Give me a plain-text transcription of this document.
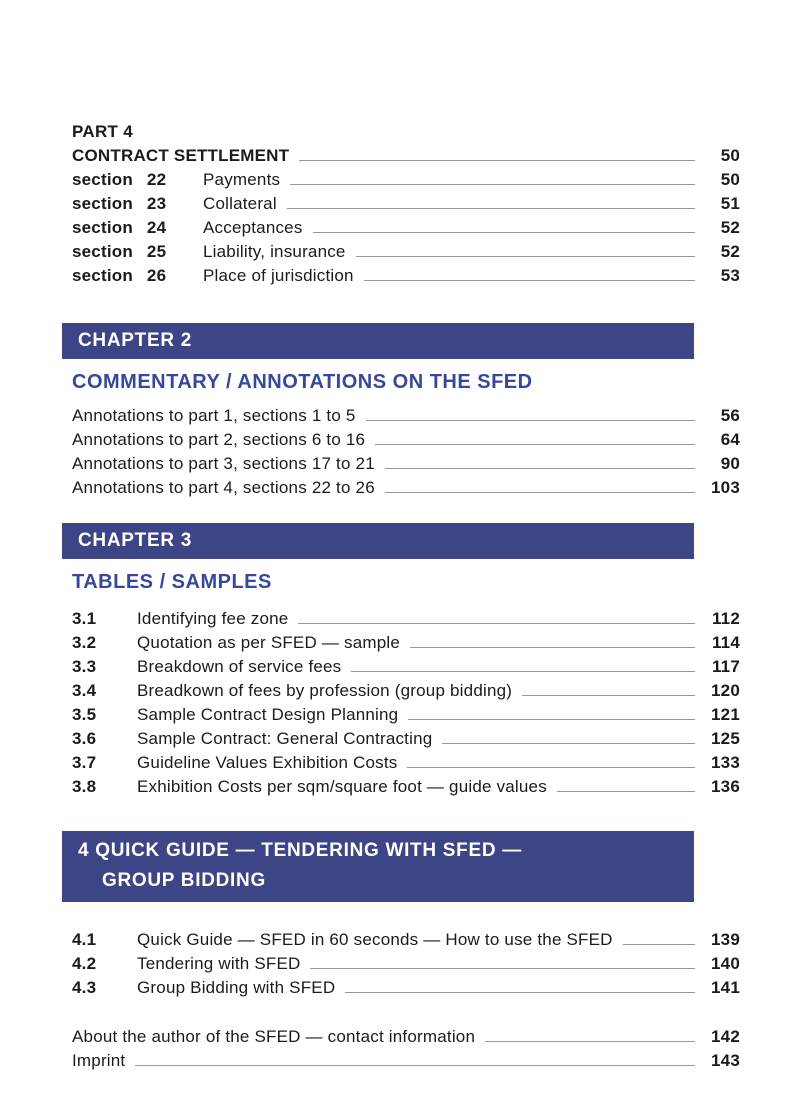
PART 4
CONTRACT SETTLEMENT	50
section 22 Payments	50
section 23 Collateral	51
section 24 Acceptances	52
section 25 Liability, insurance	52
section 26 Place of jurisdiction	53
CHAPTER 2
COMMENTARY / ANNOTATIONS ON THE SFED
Annotations to part 1, sections 1 to 5	56
Annotations to part 2, sections 6 to 16	64
Annotations to part 3, sections 17 to 21	90
Annotations to part 4, sections 22 to 26	103
CHAPTER 3
TABLES / SAMPLES
3.1	Identifying fee zone	112
3.2	Quotation as per SFED — sample	114
3.3	Breakdown of service fees	117
3.4	Breadkown of fees by profession (group bidding)	120
3.5	Sample Contract Design Planning	121
3.6	Sample Contract: General Contracting	125
3.7	Guideline Values Exhibition Costs	133
3.8	Exhibition Costs per sqm/square foot — guide values	136
4 QUICK GUIDE — TENDERING WITH SFED —
GROUP BIDDING
4.1	Quick Guide — SFED in 60 seconds — How to use the SFED	139
4.2	Tendering with SFED	140
4.3	Group Bidding with SFED	141
About the author of the SFED — contact information	142
Imprint	143
